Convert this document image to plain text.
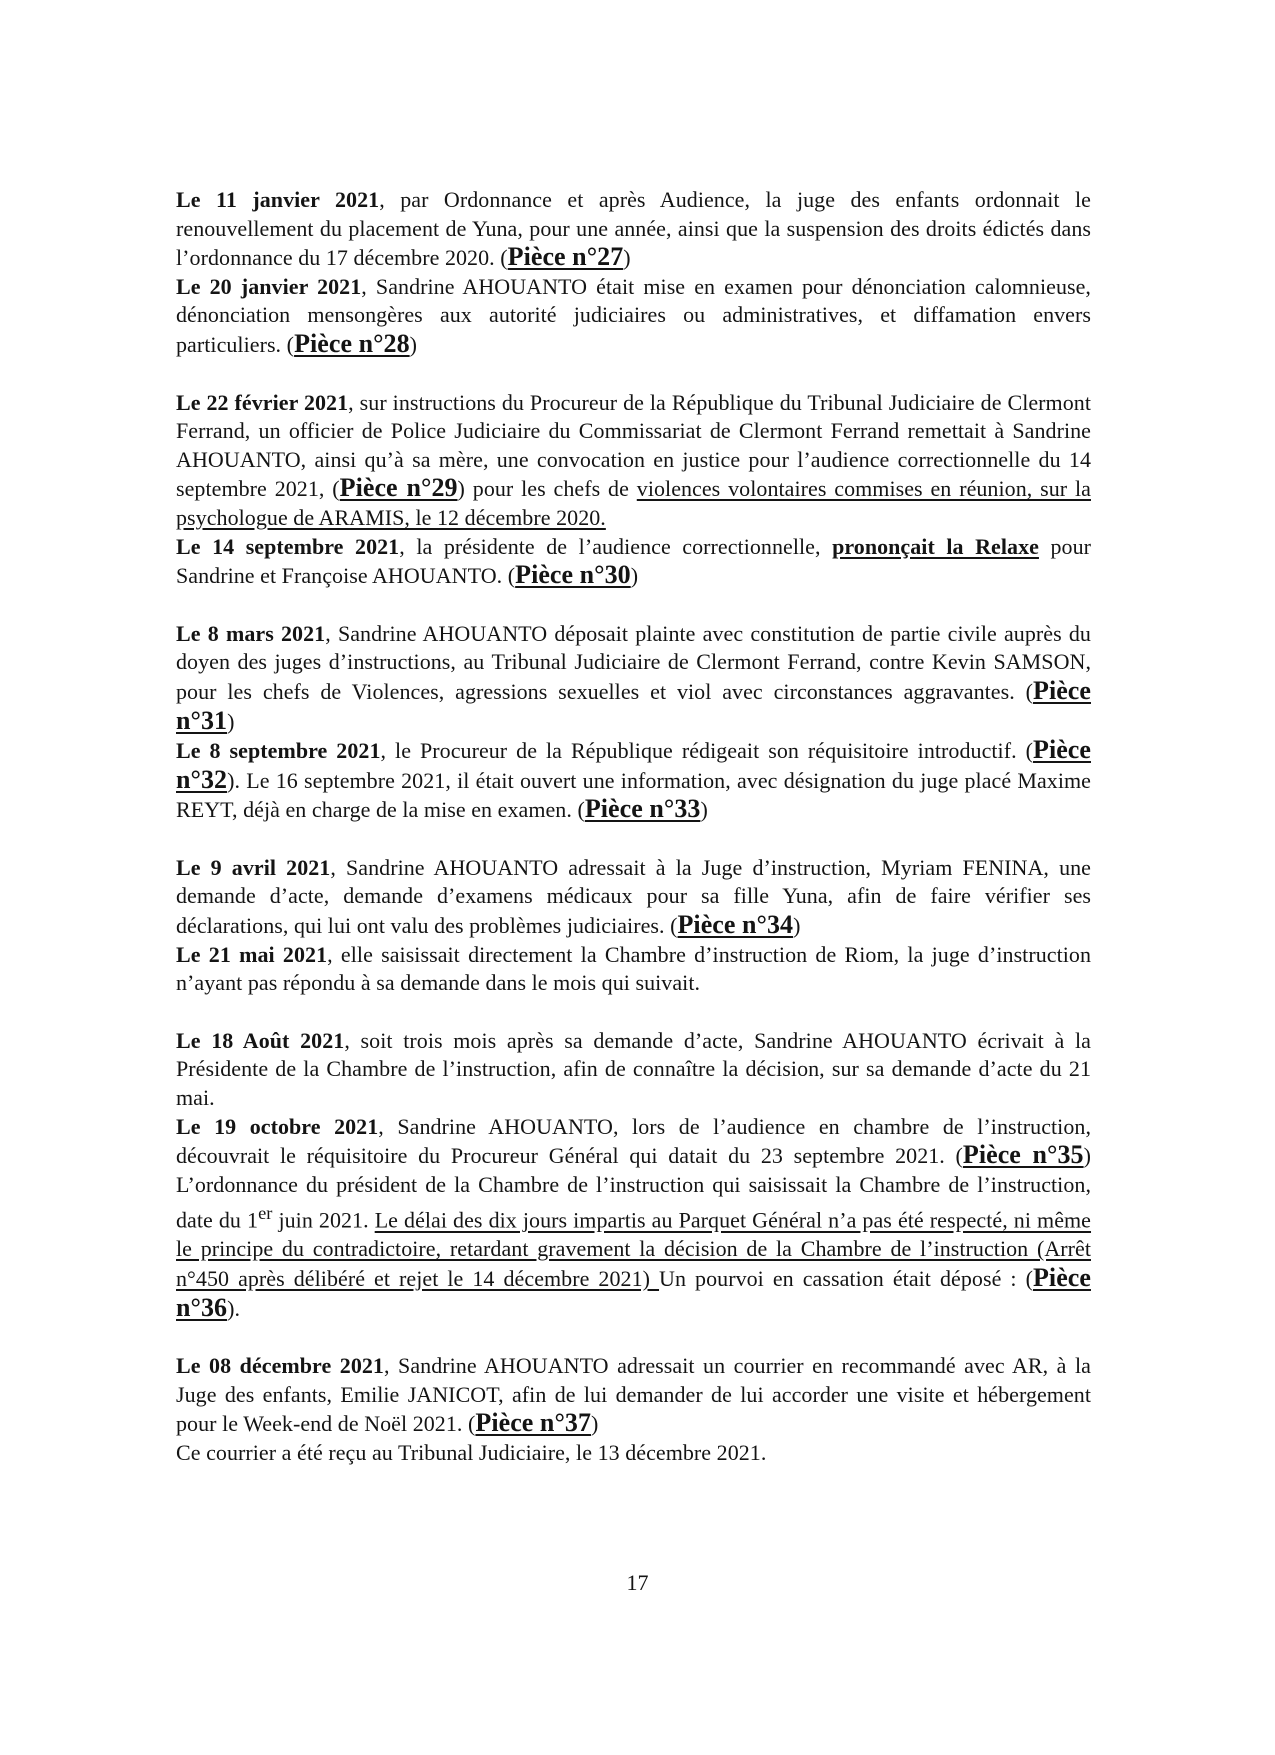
Le 11 janvier 2021, par Ordonnance et après Audience, la juge des enfants ordonnait le renouvellement du placement de Yuna, pour une année, ainsi que la suspension des droits édictés dans l’ordonnance du 17 décembre 2020. (Pièce n°27)

Le 20 janvier 2021, Sandrine AHOUANTO était mise en examen pour dénonciation calomnieuse, dénonciation mensongères aux autorité judiciaires ou administratives, et diffamation envers particuliers. (Pièce n°28)

Le 22 février 2021, sur instructions du Procureur de la République du Tribunal Judiciaire de Clermont Ferrand, un officier de Police Judiciaire du Commissariat de Clermont Ferrand remettait à Sandrine AHOUANTO, ainsi qu’à sa mère, une convocation en justice pour l’audience correctionnelle du 14 septembre 2021, (Pièce n°29) pour les chefs de violences volontaires commises en réunion, sur la psychologue de ARAMIS, le 12 décembre 2020.

Le 14 septembre 2021, la présidente de l’audience correctionnelle, prononçait la Relaxe pour Sandrine et Françoise AHOUANTO. (Pièce n°30)

Le 8 mars 2021, Sandrine AHOUANTO déposait plainte avec constitution de partie civile auprès du doyen des juges d’instructions, au Tribunal Judiciaire de Clermont Ferrand, contre Kevin SAMSON, pour les chefs de Violences, agressions sexuelles et viol avec circonstances aggravantes. (Pièce n°31)

Le 8 septembre 2021, le Procureur de la République rédigeait son réquisitoire introductif. (Pièce n°32). Le 16 septembre 2021, il était ouvert une information, avec désignation du juge placé Maxime REYT, déjà en charge de la mise en examen. (Pièce n°33)

Le 9 avril 2021, Sandrine AHOUANTO adressait à la Juge d’instruction, Myriam FENINA, une demande d’acte, demande d’examens médicaux pour sa fille Yuna, afin de faire vérifier ses déclarations, qui lui ont valu des problèmes judiciaires. (Pièce n°34)

Le 21 mai 2021, elle saisissait directement la Chambre d’instruction de Riom, la juge d’instruction n’ayant pas répondu à sa demande dans le mois qui suivait.

Le 18 Août 2021, soit trois mois après sa demande d’acte, Sandrine AHOUANTO écrivait à la Présidente de la Chambre de l’instruction, afin de connaître la décision, sur sa demande d’acte du 21 mai.

Le 19 octobre 2021, Sandrine AHOUANTO, lors de l’audience en chambre de l’instruction, découvrait le réquisitoire du Procureur Général qui datait du 23 septembre 2021. (Pièce n°35) L’ordonnance du président de la Chambre de l’instruction qui saisissait la Chambre de l’instruction, date du 1er juin 2021. Le délai des dix jours impartis au Parquet Général n’a pas été respecté, ni même le principe du contradictoire, retardant gravement la décision de la Chambre de l’instruction (Arrêt n°450 après délibéré et rejet le 14 décembre 2021) Un pourvoi en cassation était déposé : (Pièce n°36).

Le 08 décembre 2021, Sandrine AHOUANTO adressait un courrier en recommandé avec AR, à la Juge des enfants, Emilie JANICOT, afin de lui demander de lui accorder une visite et hébergement pour le Week-end de Noël 2021. (Pièce n°37)

Ce courrier a été reçu au Tribunal Judiciaire, le 13 décembre 2021.

17
